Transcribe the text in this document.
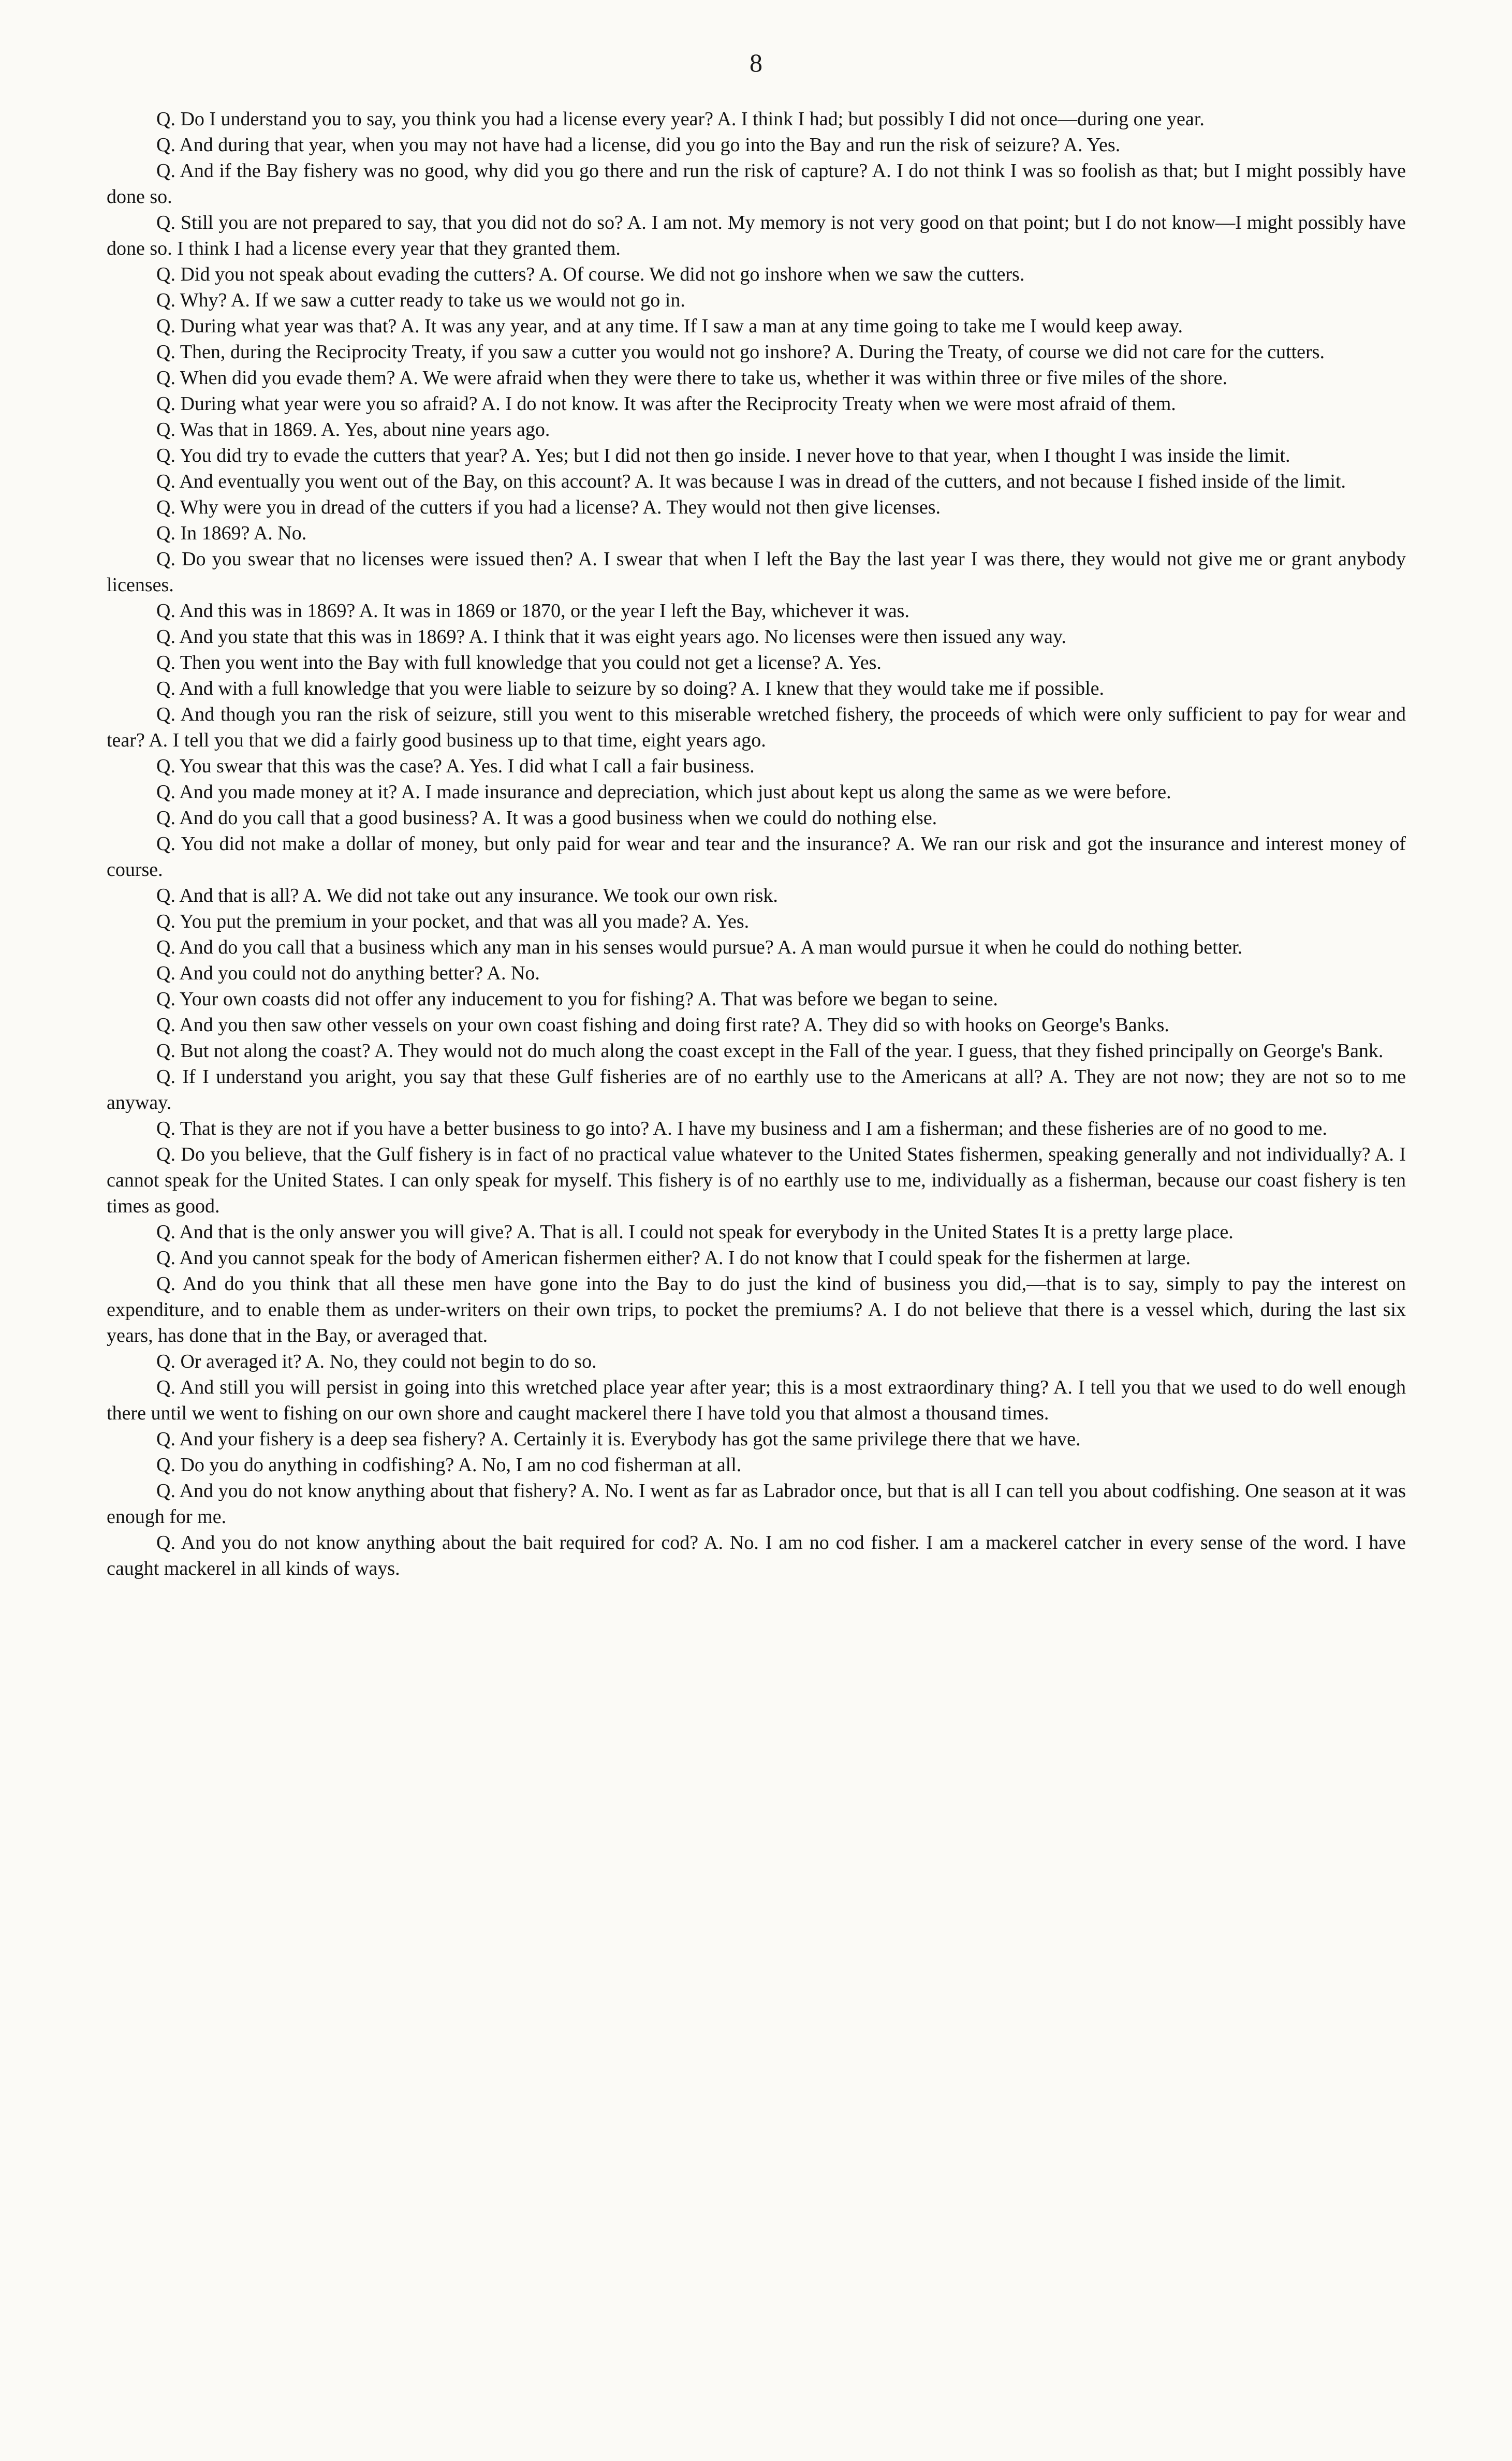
8

Q. Do I understand you to say, you think you had a license every year? A. I think I had; but possibly I did not once—during one year.

Q. And during that year, when you may not have had a license, did you go into the Bay and run the risk of seizure? A. Yes.

Q. And if the Bay fishery was no good, why did you go there and run the risk of capture? A. I do not think I was so foolish as that; but I might possibly have done so.

Q. Still you are not prepared to say, that you did not do so? A. I am not. My memory is not very good on that point; but I do not know—I might possibly have done so. I think I had a license every year that they granted them.

Q. Did you not speak about evading the cutters? A. Of course. We did not go inshore when we saw the cutters.

Q. Why? A. If we saw a cutter ready to take us we would not go in.

Q. During what year was that? A. It was any year, and at any time. If I saw a man at any time going to take me I would keep away.

Q. Then, during the Reciprocity Treaty, if you saw a cutter you would not go inshore? A. During the Treaty, of course we did not care for the cutters.

Q. When did you evade them? A. We were afraid when they were there to take us, whether it was within three or five miles of the shore.

Q. During what year were you so afraid? A. I do not know. It was after the Reciprocity Treaty when we were most afraid of them.

Q. Was that in 1869. A. Yes, about nine years ago.

Q. You did try to evade the cutters that year? A. Yes; but I did not then go inside. I never hove to that year, when I thought I was inside the limit.

Q. And eventually you went out of the Bay, on this account? A. It was because I was in dread of the cutters, and not because I fished inside of the limit.

Q. Why were you in dread of the cutters if you had a license? A. They would not then give licenses.

Q. In 1869? A. No.

Q. Do you swear that no licenses were issued then? A. I swear that when I left the Bay the last year I was there, they would not give me or grant anybody licenses.

Q. And this was in 1869? A. It was in 1869 or 1870, or the year I left the Bay, whichever it was.

Q. And you state that this was in 1869? A. I think that it was eight years ago. No licenses were then issued any way.

Q. Then you went into the Bay with full knowledge that you could not get a license? A. Yes.

Q. And with a full knowledge that you were liable to seizure by so doing? A. I knew that they would take me if possible.

Q. And though you ran the risk of seizure, still you went to this miserable wretched fishery, the proceeds of which were only sufficient to pay for wear and tear? A. I tell you that we did a fairly good business up to that time, eight years ago.

Q. You swear that this was the case? A. Yes. I did what I call a fair business.

Q. And you made money at it? A. I made insurance and depreciation, which just about kept us along the same as we were before.

Q. And do you call that a good business? A. It was a good business when we could do nothing else.

Q. You did not make a dollar of money, but only paid for wear and tear and the insurance? A. We ran our risk and got the insurance and interest money of course.

Q. And that is all? A. We did not take out any insurance. We took our own risk.

Q. You put the premium in your pocket, and that was all you made? A. Yes.

Q. And do you call that a business which any man in his senses would pursue? A. A man would pursue it when he could do nothing better.

Q. And you could not do anything better? A. No.

Q. Your own coasts did not offer any inducement to you for fishing? A. That was before we began to seine.

Q. And you then saw other vessels on your own coast fishing and doing first rate? A. They did so with hooks on George's Banks.

Q. But not along the coast? A. They would not do much along the coast except in the Fall of the year. I guess, that they fished principally on George's Bank.

Q. If I understand you aright, you say that these Gulf fisheries are of no earthly use to the Americans at all? A. They are not now; they are not so to me anyway.

Q. That is they are not if you have a better business to go into? A. I have my business and I am a fisherman; and these fisheries are of no good to me.

Q. Do you believe, that the Gulf fishery is in fact of no practical value whatever to the United States fishermen, speaking generally and not individually? A. I cannot speak for the United States. I can only speak for myself. This fishery is of no earthly use to me, individually as a fisherman, because our coast fishery is ten times as good.

Q. And that is the only answer you will give? A. That is all. I could not speak for everybody in the United States It is a pretty large place.

Q. And you cannot speak for the body of American fishermen either? A. I do not know that I could speak for the fishermen at large.

Q. And do you think that all these men have gone into the Bay to do just the kind of business you did,—that is to say, simply to pay the interest on expenditure, and to enable them as under-writers on their own trips, to pocket the premiums? A. I do not believe that there is a vessel which, during the last six years, has done that in the Bay, or averaged that.

Q. Or averaged it? A. No, they could not begin to do so.

Q. And still you will persist in going into this wretched place year after year; this is a most extraordinary thing? A. I tell you that we used to do well enough there until we went to fishing on our own shore and caught mackerel there I have told you that almost a thousand times.

Q. And your fishery is a deep sea fishery? A. Certainly it is. Everybody has got the same privilege there that we have.

Q. Do you do anything in codfishing? A. No, I am no cod fisherman at all.

Q. And you do not know anything about that fishery? A. No. I went as far as Labrador once, but that is all I can tell you about codfishing. One season at it was enough for me.

Q. And you do not know anything about the bait required for cod? A. No. I am no cod fisher. I am a mackerel catcher in every sense of the word. I have caught mackerel in all kinds of ways.
